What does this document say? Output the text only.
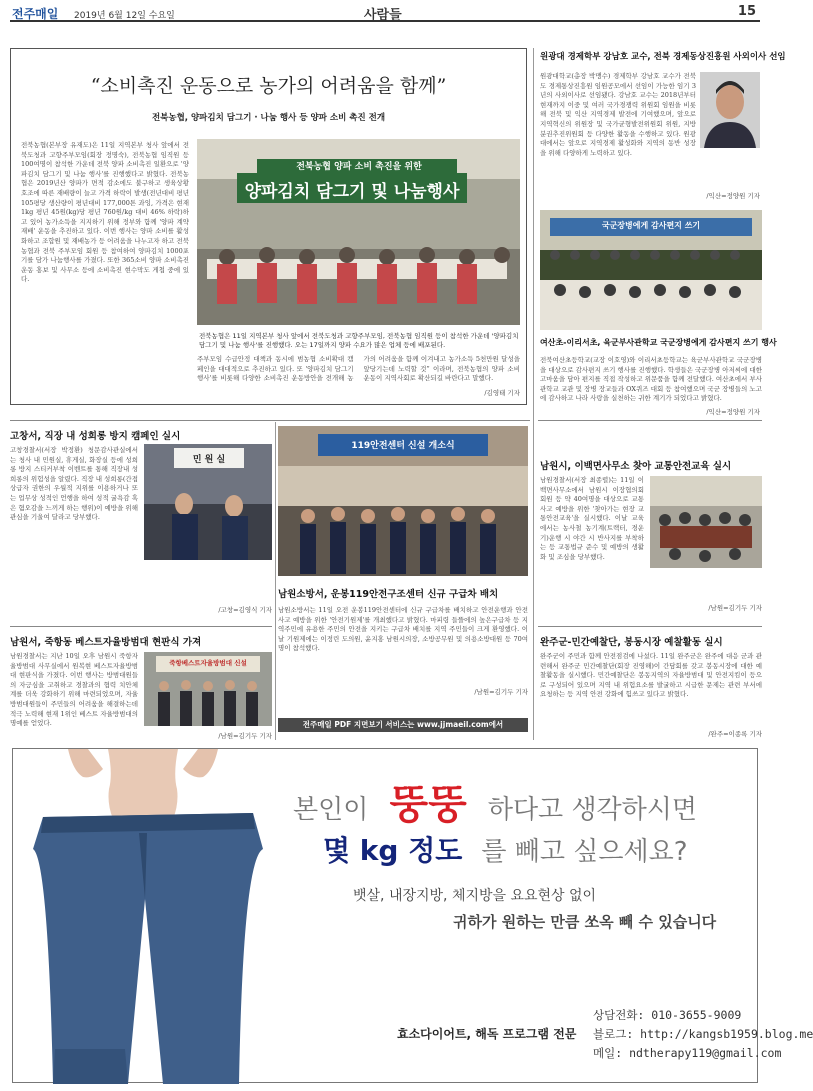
전주매일 2019년 6월 12일 수요일	사람들	15
“소비촉진 운동으로 농가의 어려움을 함께”
전북농협, 양파김치 담그기 · 나눔 행사 등 양파 소비 촉진 전개
전북농협(본부장 유재도)은 11일 지역본부 청사 앞에서 전북도청과 고향주부모임(회장 정명숙), 전북농협 임직원 등 100여명이 참석한 가운데 전북 양파 소비촉진 일환으로 '양파김치 담그기 및 나눔 행사'를 진행했다고 밝혔다. 전북농협은 2019년산 양파가 면적 감소에도 불구하고 생육상황 호조에 따른 재배량이 늘고 가격 하락이 발생(전년대비 평년 105평당 생산량이 평년대비 177,000톤 과잉, 가격은 현재 1kg 평년 45원(kg)당 평년 760원/kg 대비 46% 하락)하고 있어 농가소득을 지지하기 위해 정부와 함께 '양파 계약재배' 운동을 추진하고 있다. 이번 행사는 양파 소비를 활성화하고 조합원 및 재배농가 등 어려움을 나누고자 하고 전북 농협과 전북 주부모임 회원 등 참여하여 양파김치 1000포기를 담가 나눔행사를 가졌다. 또한 365소비 양파 소비촉진 운동 홍보 및 사무소 등에 소비촉진 현수막도 게첩 중에 있다.
전북농협 양파 소비 촉진을 위한
양파김치 담그기 및 나눔행사
전북농협은 11일 지역본부 청사 앞에서 전북도청과 고향주부모임, 전북농협 임직원 등이 참석한 가운데 '양파김치 담그기 및 나눔 행사'를 진행했다. 오는 17일까지 양파 수요가 많은 업체 등에 배포된다.
주부모임 수급안정 대책과 동시에 범농협 소비확대 캠페인을 대대적으로 추진하고 있다. 또 '양파김치 담그기 행사'를 비롯해 다양한 소비촉진 운동방안을 전개해 농가의 어려움을 함께 이겨내고 농가소득 5천만원 달성을 앞당기는데 노력할 것” 이라며, 전북농협의 양파 소비 운동이 지역사회로 확산되길 바란다고 말했다.
/김영태 기자
원광대 경제학부 강남호 교수, 전북 경제동상진흥원 사외이사 선임
원광대학교(총장 박맹수) 경제학부 강남호 교수가 전북도 경제통상진흥원 임원공모에서 선임이 가능한 임기 3년의 사외이사로 선임됐다. 강남호 교수는 2018년부터 현재까지 이중 및 여러 국가경쟁력 위원회 임원을 비롯해 전북 및 익산 지역경제 발전에 기여했으며, 앞으로 지역혁신의 위원장 및 국가균형발전위원회 위원, 지방분권추진위원회 등 다양한 활동을 수행하고 있다. 원광대에서는 앞으로 지역경제 활성화와 지역의 동반 성장을 위해 다양하게 노력하고 있다.
/익산=정양원 기자
국군장병에게 감사편지 쓰기
여산초-이리서초, 육군부사관학교 국군장병에게 감사편지 쓰기 행사
전북여산초등학교(교장 이호영)와 이리서초등학교는 육군부사관학교 국군장병을 대상으로 감사편지 쓰기 행사를 진행했다. 학생들은 국군장병 아저씨에 대한 고마움을 담아 편지를 직접 작성하고 위문품을 함께 전달했다. 여산초에서 부사관학교 교관 및 장병 장교들과 OX퀴즈 대회 등 참여했으며 국군 장병들의 노고에 감사하고 나라 사랑을 실천하는 귀한 계기가 되었다고 밝혔다.
/익산=정양원 기자
고창서, 직장 내 성희롱 방지 캠페인 실시
민 원 실
고창경찰서(서장 박정환) 청문감사관실에서는 청사 내 민원실, 휴게실, 화장실 등에 성희롱 방지 스티커부착 이벤트를 통해 직장내 성희롱의 위험성을 알렸다. 직장 내 성희롱(간접 상급자 권한의 우월적 지위를 이용하거나 또는 업무상 성적인 언행을 하여 성적 굴욕감 혹은 혐오감을 느끼게 하는 행위)이 예방을 위해 관심을 기울여 달라고 당부했다.
/고창=김영식 기자
119안전센터 신설 개소식
남원소방서, 운봉119안전구조센터 신규 구급차 배치
남원소방서는 11일 오전 운봉119안전센터에 신규 구급차를 배치하고 안전운행과 안전사고 예방을 위한 '안전기원제'를 개최했다고 밝혔다. 마피령 들뜰에의 높은구급차 등 지역주민에 유용한 주민의 안전을 지키는 구급차 배치를 지역 주민들이 크게 환영했다. 이날 기원제에는 이정린 도의원, 윤지홍 남원시의장, 소방공무원 및 의용소방대원 등 70여명이 참석했다.
/남원=김기두 기자
남원서, 죽항동 베스트자율방범대 현판식 가져
남원경찰서는 지난 10일 오후 남원시 죽항자율방범대 사무실에서 원복현 베스트자율방범대 현판식을 가졌다. 이번 행사는 방범대원들의 자긍심을 고취하고 경찰과의 협력 치안체계를 더욱 강화하기 위해 마련되었으며, 자율방범대원들이 주민들의 어려움을 해결하는데 적극 노력해 현재 1위인 베스트 자율방범대의 명예를 얻었다.
죽항베스트자율방범대 신설
/남원=김기두 기자
남원시, 이백면사무소 찾아 교통안전교육 실시
남원경찰서(서장 최종렬)는 11일 이백면사무소에서 남원시 이장협의회회원 등 약 40여명을 대상으로 교통사고 예방을 위한 '찾아가는 현장 교통안전교육'을 실시했다. 이날 교육에서는 농사철 농기계(트랙터, 경운기)운행 시 야간 시 반사지를 부착하는 등 교통법규 준수 및 예방의 생활화 및 조심을 당부했다.
/남원=김기두 기자
완주군-민간예찰단, 봉동시장 예찰활동 실시
완주군이 주민과 함께 안전점검에 나섰다. 11일 완주군은 완주에 대응 군과 관련해서 완주군 민간예찰단(회장 진영해)이 간담회를 갖고 봉동시장에 대한 예찰활동을 실시했다. 민간예찰단은 봉동지역의 자율방범대 및 안전지킴이 등으로 구성되어 있으며 지역 내 위험요소를 발굴하고 시급한 문제는 관련 부서에 요청하는 등 지역 안전 강화에 힘쓰고 있다고 밝혔다.
/완주=이종록 기자
전주매일 PDF 지면보기 서비스는 www.jjmaeil.com에서
본인이 뚱뚱 하다고 생각하시면
몇 kg 정도 를 빼고 싶으세요?
뱃살, 내장지방, 체지방을 요요현상 없이
귀하가 원하는 만큼 쏘옥 빼 수 있습니다
효소다이어트, 해독 프로그램 전문
상담전화: 010-3655-9009
블로그: http://kangsb1959.blog.me
메일: ndtherapy119@gmail.com
